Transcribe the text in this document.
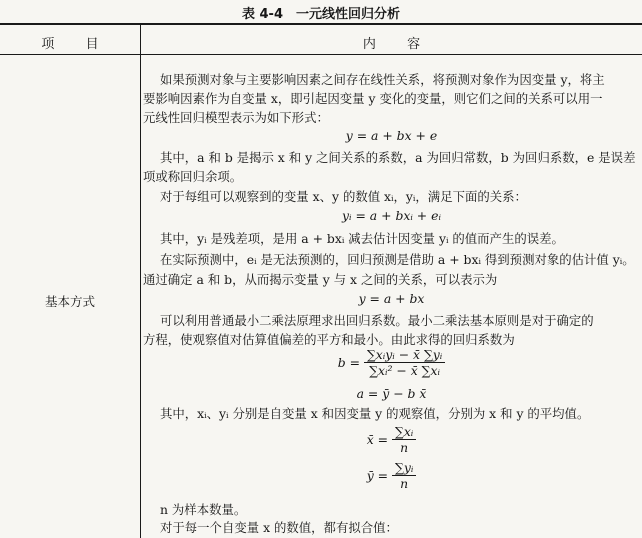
表 4-4　一元线性回归分析
项目	内容
基本方式
如果预测对象与主要影响因素之间存在线性关系，将预测对象作为因变量 y，将主
要影响因素作为自变量 x，即引起因变量 y 变化的变量，则它们之间的关系可以用一
元线性回归模型表示为如下形式：
y = a + bx + e
其中，a 和 b 是揭示 x 和 y 之间关系的系数，a 为回归常数，b 为回归系数，e 是误差
项或称回归余项。
对于每组可以观察到的变量 x、y 的数值 xᵢ，yᵢ，满足下面的关系：
yᵢ = a + bxᵢ + eᵢ
其中，yᵢ 是残差项，是用 a + bxᵢ 减去估计因变量 yᵢ 的值而产生的误差。
在实际预测中，eᵢ 是无法预测的，回归预测是借助 a + bxᵢ 得到预测对象的估计值 yᵢ。
通过确定 a 和 b，从而揭示变量 y 与 x 之间的关系，可以表示为
y = a + bx
可以利用普通最小二乘法原理求出回归系数。最小二乘法基本原则是对于确定的
方程，使观察值对估算值偏差的平方和最小。由此求得的回归系数为
$b = \frac{\text{∑xᵢyᵢ − x̄ ∑yᵢ}}{\text{∑xᵢ² − x̄ ∑xᵢ}}$
a = ȳ − b x̄
其中，xᵢ、yᵢ 分别是自变量 x 和因变量 y 的观察值，分别为 x 和 y 的平均值。
x̄ = $\frac{\text{∑xᵢ}}{n}$
ȳ = $\frac{\text{∑yᵢ}}{n}$
n 为样本数量。
对于每一个自变量 x 的数值，都有拟合值：
